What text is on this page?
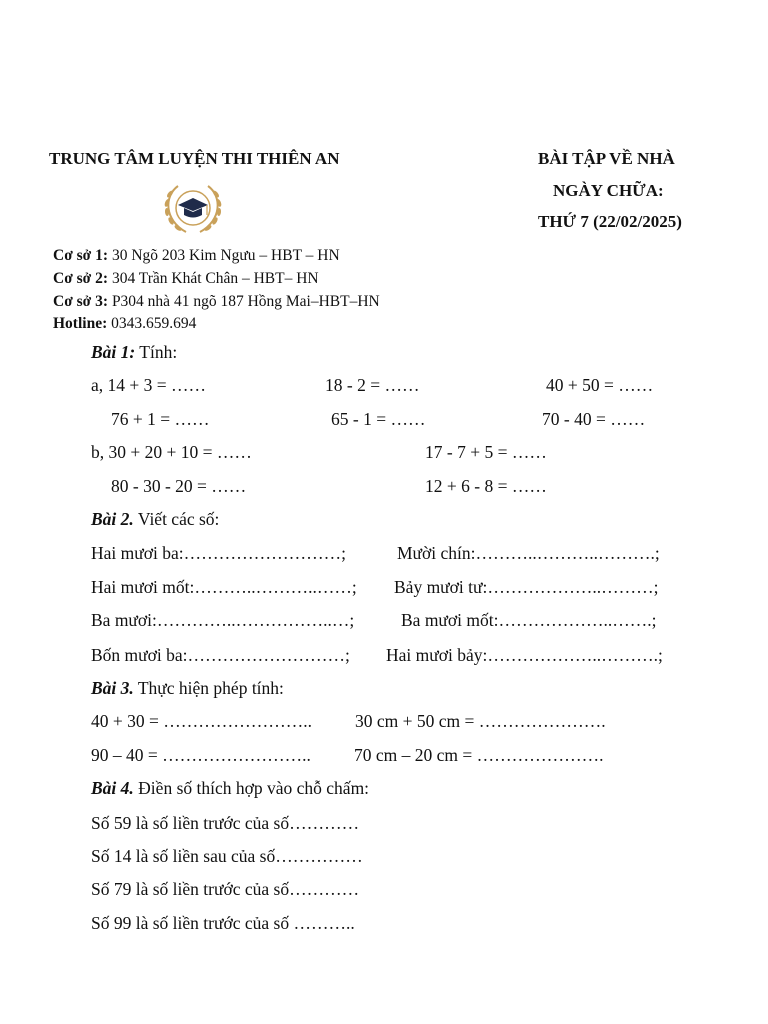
TRUNG TÂM LUYỆN THI THIÊN AN	BÀI TẬP VỀ NHÀ
NGÀY CHỮA:
THỨ 7 (22/02/2025)
Cơ sở 1: 30 Ngõ 203 Kim Ngưu – HBT – HN
Cơ sở 2: 304 Trần Khát Chân – HBT– HN
Cơ sở 3: P304 nhà 41 ngõ 187 Hồng Mai–HBT–HN
Hotline: 0343.659.694
Bài 1: Tính:
a, 14 + 3 = ……	18 - 2 = ……	40 + 50 = ……
76 + 1 = ……	65 - 1 = ……	70 - 40 = ……
b, 30 + 20 + 10 = ……	17 - 7 + 5 = ……
80 - 30 - 20 = ……	12 + 6 - 8 = ……
Bài 2. Viết các số:
Hai mươi ba:………………………;	Mười chín:………..………..……….;
Hai mươi mốt:………..………..……; Bảy mươi tư:………………..………;
Ba mươi:…………..……………..…;	Ba mươi mốt:………………..…….;
Bốn mươi ba:………………………; Hai mươi bảy:………………..……….;
Bài 3. Thực hiện phép tính:
40 + 30 = …………………….. 30 cm + 50 cm = ………………….
90 – 40 = …………………….. 70 cm – 20 cm = ………………….
Bài 4. Điền số thích hợp vào chỗ chấm:
Số 59 là số liền trước của số…………
Số 14 là số liền sau của số……………
Số 79 là số liền trước của số…………
Số 99 là số liền trước của số ………..
